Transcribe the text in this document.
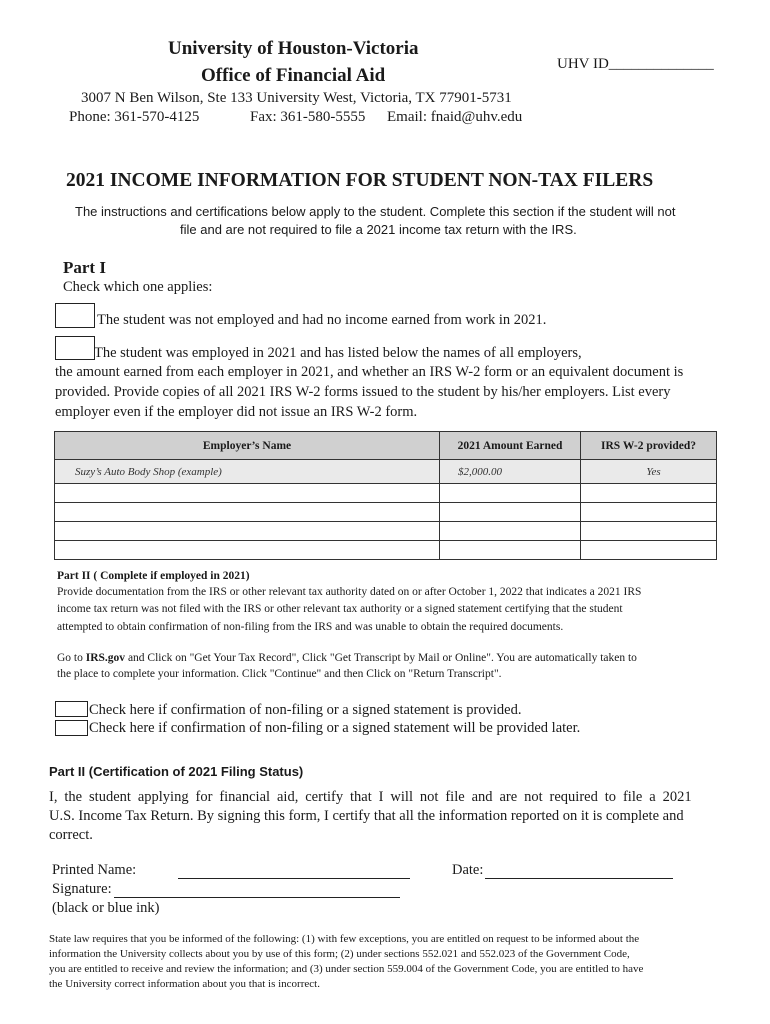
University of Houston-Victoria
Office of Financial Aid
UHV ID______________
3007 N Ben Wilson, Ste 133 University West, Victoria, TX 77901-5731
Phone: 361-570-4125	Fax: 361-580-5555 Email: fnaid@uhv.edu
2021 INCOME INFORMATION FOR STUDENT NON-TAX FILERS
The instructions and certifications below apply to the student. Complete this section if the student will not
file and are not required to file a 2021 income tax return with the IRS.
Part I
Check which one applies:
The student was not employed and had no income earned from work in 2021.
The student was employed in 2021 and has listed below the names of all employers,
the amount earned from each employer in 2021, and whether an IRS W-2 form or an equivalent document is
provided. Provide copies of all 2021 IRS W-2 forms issued to the student by his/her employers. List every
employer even if the employer did not issue an IRS W-2 form.
Employer’s Name	2021 Amount Earned	IRS W-2 provided?
Suzy’s Auto Body Shop (example)	$2,000.00	Yes

Part II ( Complete if employed in 2021)
Provide documentation from the IRS or other relevant tax authority dated on or after October 1, 2022 that indicates a 2021 IRS
income tax return was not filed with the IRS or other relevant tax authority or a signed statement certifying that the student
attempted to obtain confirmation of non-filing from the IRS and was unable to obtain the required documents.
Go to IRS.gov and Click on "Get Your Tax Record", Click "Get Transcript by Mail or Online". You are automatically taken to
the place to complete your information. Click "Continue" and then Click on "Return Transcript".
Check here if confirmation of non-filing or a signed statement is provided.
Check here if confirmation of non-filing or a signed statement will be provided later.
Part II (Certification of 2021 Filing Status)
I, the student applying for financial aid, certify that I will not file and are not required to file a 2021
U.S. Income Tax Return. By signing this form, I certify that all the information reported on it is complete and
correct.
Printed Name:	Date:
Signature:
(black or blue ink)
State law requires that you be informed of the following: (1) with few exceptions, you are entitled on request to be informed about the
information the University collects about you by use of this form; (2) under sections 552.021 and 552.023 of the Government Code,
you are entitled to receive and review the information; and (3) under section 559.004 of the Government Code, you are entitled to have
the University correct information about you that is incorrect.
